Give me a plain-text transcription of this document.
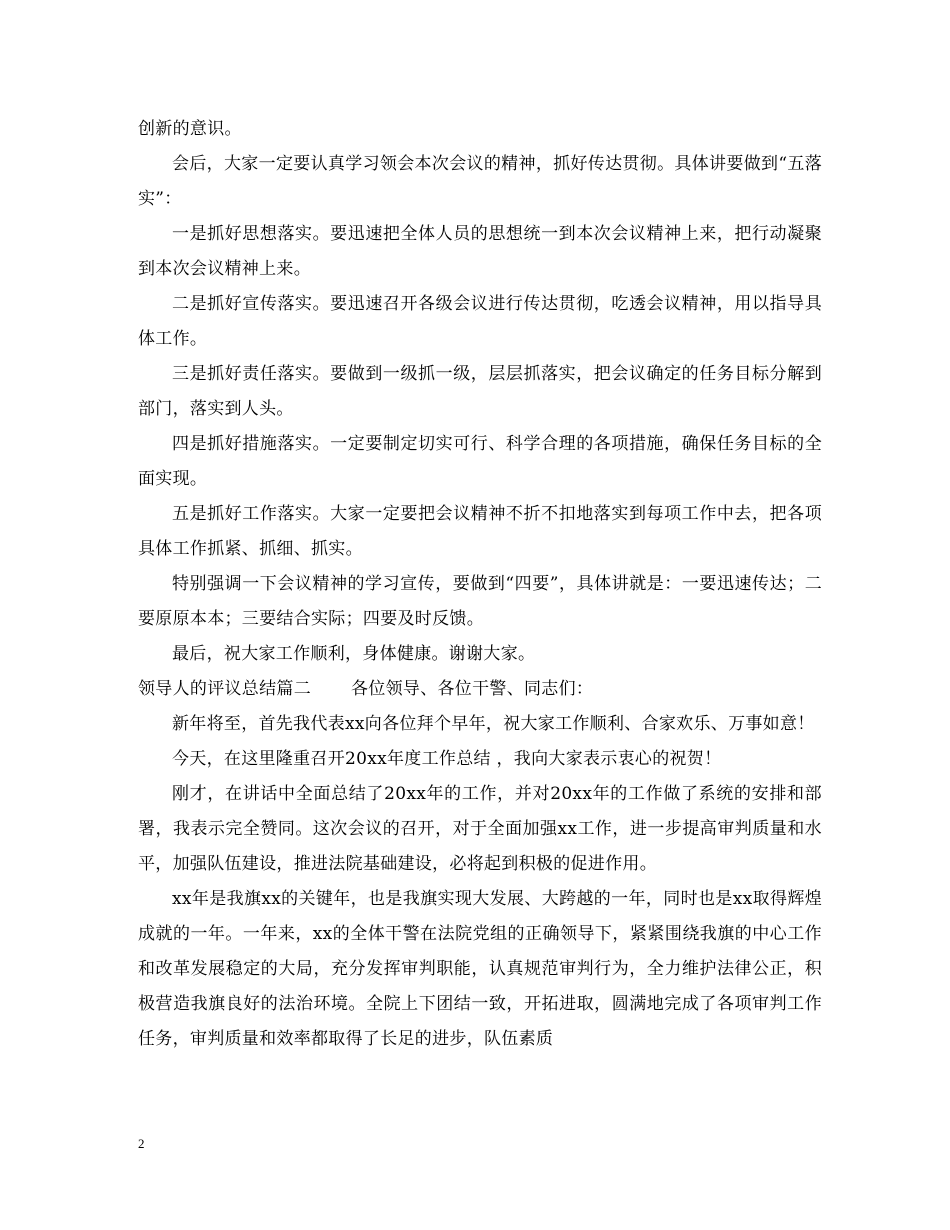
创新的意识。

会后，大家一定要认真学习领会本次会议的精神，抓好传达贯彻。具体讲要做到“五落实”：

一是抓好思想落实。要迅速把全体人员的思想统一到本次会议精神上来，把行动凝聚到本次会议精神上来。

二是抓好宣传落实。要迅速召开各级会议进行传达贯彻，吃透会议精神，用以指导具体工作。

三是抓好责任落实。要做到一级抓一级，层层抓落实，把会议确定的任务目标分解到部门，落实到人头。

四是抓好措施落实。一定要制定切实可行、科学合理的各项措施，确保任务目标的全面实现。

五是抓好工作落实。大家一定要把会议精神不折不扣地落实到每项工作中去，把各项具体工作抓紧、抓细、抓实。

特别强调一下会议精神的学习宣传，要做到“四要”，具体讲就是：一要迅速传达；二要原原本本；三要结合实际；四要及时反馈。

最后，祝大家工作顺利，身体健康。谢谢大家。

领导人的评议总结篇二 各位领导、各位干警、同志们：

新年将至，首先我代表xx向各位拜个早年，祝大家工作顺利、合家欢乐、万事如意！

今天，在这里隆重召开20xx年度工作总结 ，我向大家表示衷心的祝贺！

刚才，在讲话中全面总结了20xx年的工作，并对20xx年的工作做了系统的安排和部署，我表示完全赞同。这次会议的召开，对于全面加强xx工作，进一步提高审判质量和水平，加强队伍建设，推进法院基础建设，必将起到积极的促进作用。

xx年是我旗xx的关键年，也是我旗实现大发展、大跨越的一年，同时也是xx取得辉煌成就的一年。一年来，xx的全体干警在法院党组的正确领导下，紧紧围绕我旗的中心工作和改革发展稳定的大局，充分发挥审判职能，认真规范审判行为，全力维护法律公正，积极营造我旗良好的法治环境。全院上下团结一致，开拓进取，圆满地完成了各项审判工作任务，审判质量和效率都取得了长足的进步，队伍素质

2
